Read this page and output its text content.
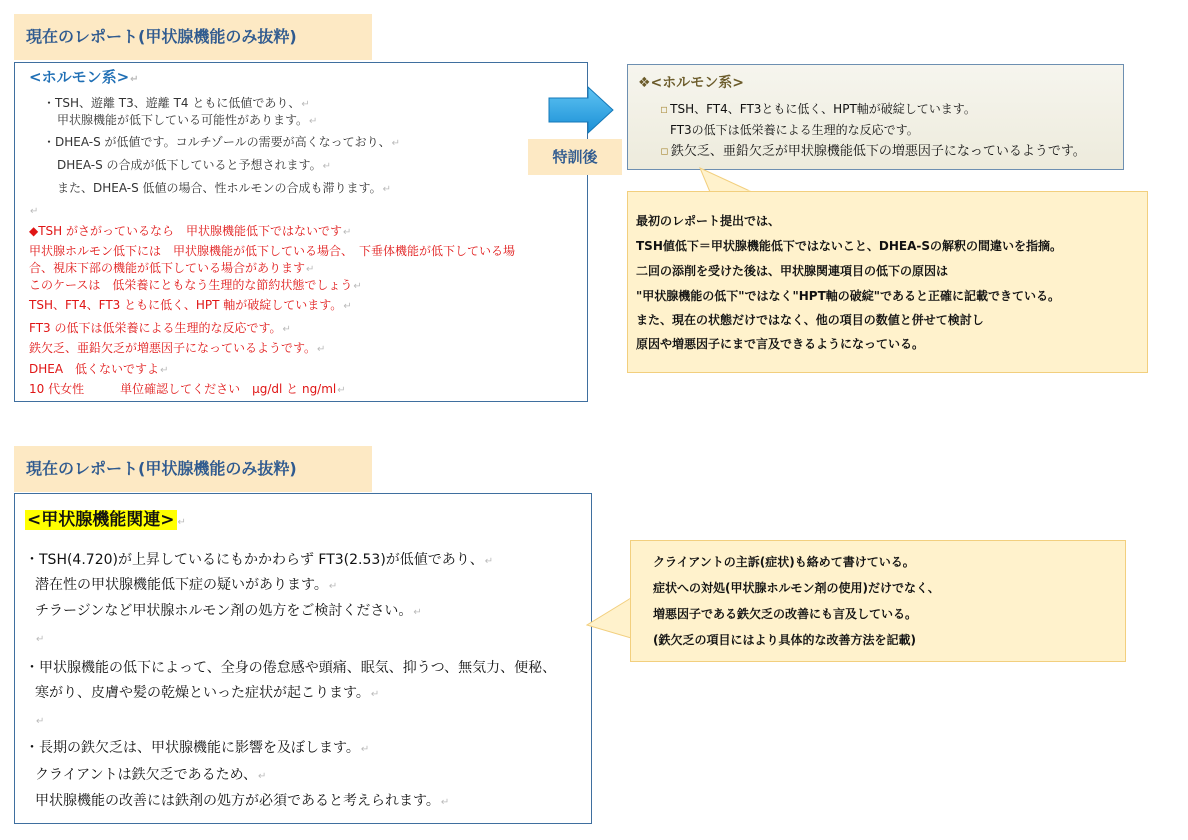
現在のレポート(甲状腺機能のみ抜粋)
<ホルモン系>↵
・TSH、遊離 T3、遊離 T4 ともに低値であり、↵
甲状腺機能が低下している可能性があります。↵
・DHEA-S が低値です。コルチゾールの需要が高くなっており、↵
DHEA-S の合成が低下していると予想されます。↵
また、DHEA-S 低値の場合、性ホルモンの合成も滞ります。↵
↵
◆TSH がさがっているなら　甲状腺機能低下ではないです↵
甲状腺ホルモン低下には　甲状腺機能が低下している場合、　下垂体機能が低下している場
合、視床下部の機能が低下している場合があります↵
このケースは　低栄養にともなう生理的な節約状態でしょう↵
TSH、FT4、FT3 ともに低く、HPT 軸が破綻しています。↵
FT3 の低下は低栄養による生理的な反応です。↵
鉄欠乏、亜鉛欠乏が増悪因子になっているようです。↵
DHEA　低くないですよ↵
10 代女性　　　単位確認してください　µg/dl と ng/ml↵
特訓後
❖<ホルモン系>
▫ TSH、FT4、FT3ともに低く、HPT軸が破綻しています。
FT3の低下は低栄養による生理的な反応です。
▫ 鉄欠乏、亜鉛欠乏が甲状腺機能低下の増悪因子になっているようです。
最初のレポート提出では、
TSH値低下＝甲状腺機能低下ではないこと、DHEA-Sの解釈の間違いを指摘。
二回の添削を受けた後は、甲状腺関連項目の低下の原因は
"甲状腺機能の低下"ではなく"HPT軸の破綻"であると正確に記載できている。
また、現在の状態だけではなく、他の項目の数値と併せて検討し
原因や増悪因子にまで言及できるようになっている。
現在のレポート(甲状腺機能のみ抜粋)
<甲状腺機能関連> ↵
・TSH(4.720)が上昇しているにもかかわらず FT3(2.53)が低値であり、↵
潜在性の甲状腺機能低下症の疑いがあります。↵
チラージンなど甲状腺ホルモン剤の処方をご検討ください。↵
↵
・甲状腺機能の低下によって、全身の倦怠感や頭痛、眠気、抑うつ、無気力、便秘、
寒がり、皮膚や髪の乾燥といった症状が起こります。↵
↵
・長期の鉄欠乏は、甲状腺機能に影響を及ぼします。↵
クライアントは鉄欠乏であるため、↵
甲状腺機能の改善には鉄剤の処方が必須であると考えられます。↵
クライアントの主訴(症状)も絡めて書けている。
症状への対処(甲状腺ホルモン剤の使用)だけでなく、
増悪因子である鉄欠乏の改善にも言及している。
(鉄欠乏の項目にはより具体的な改善方法を記載)
